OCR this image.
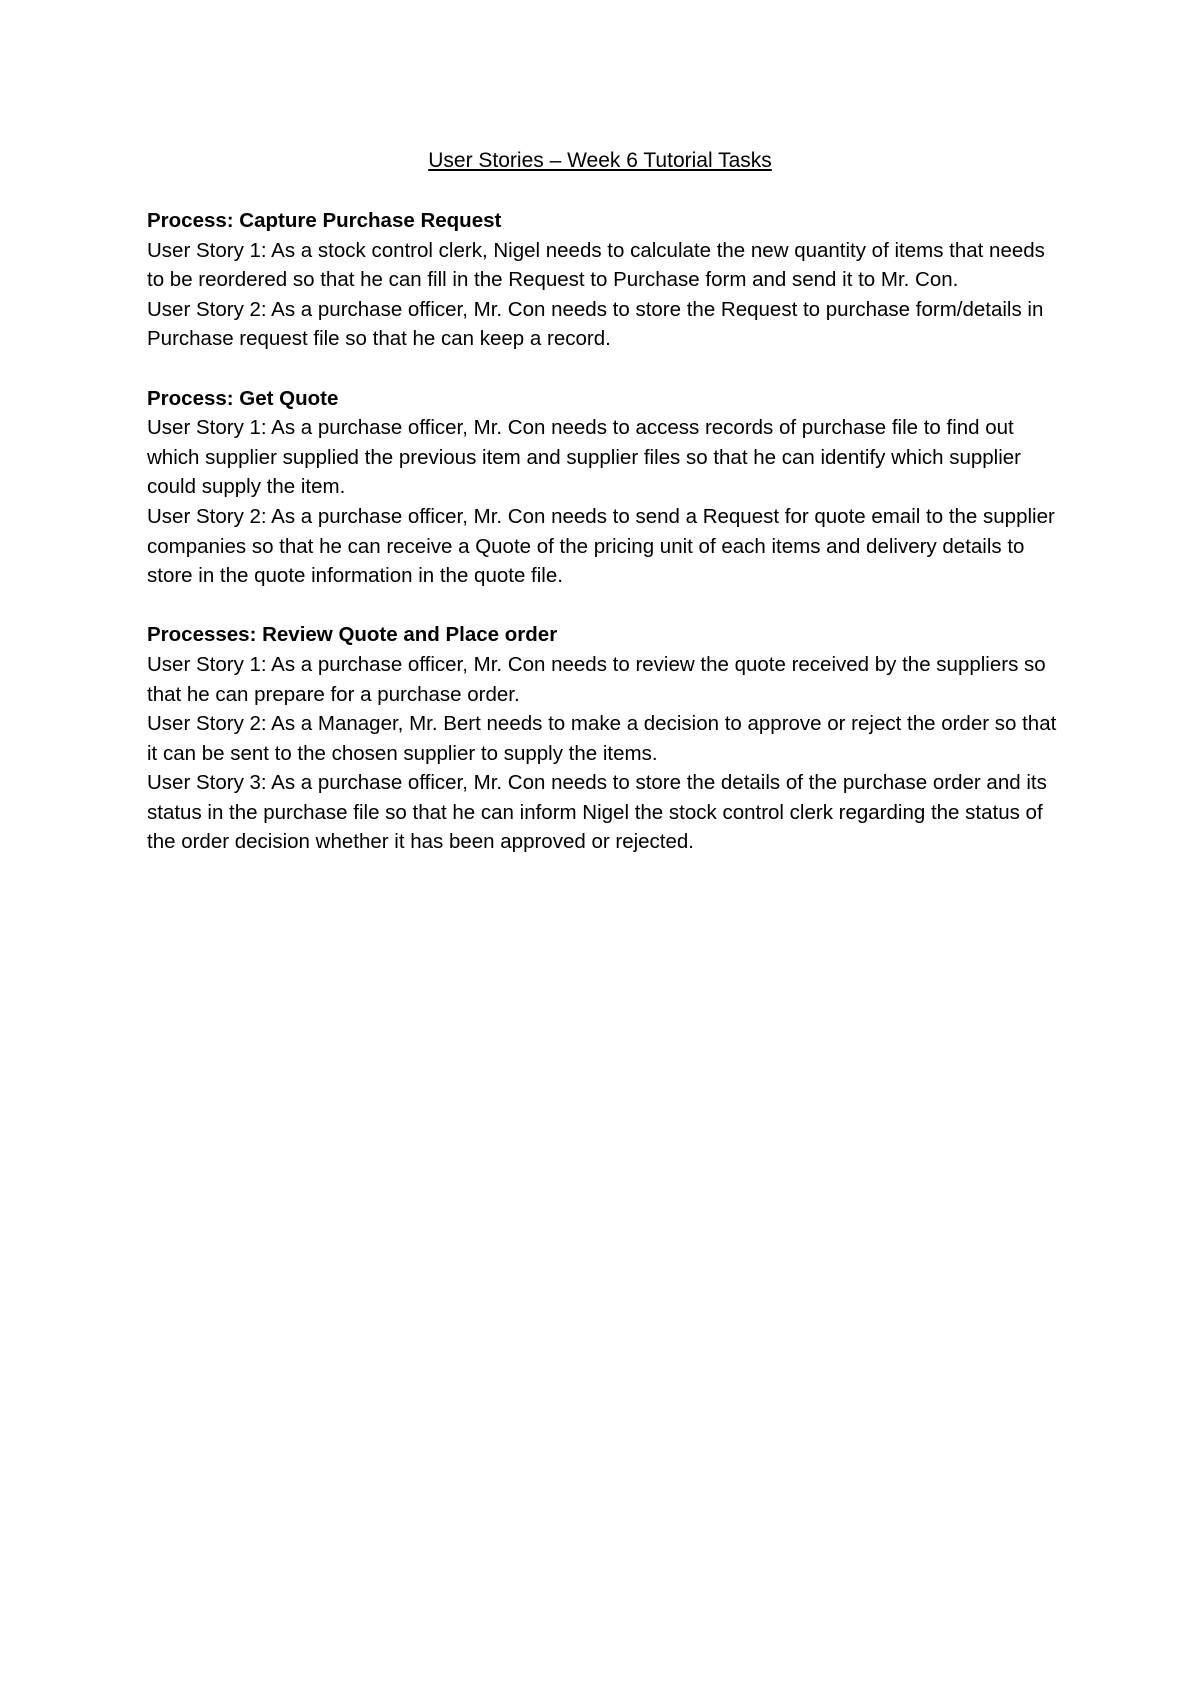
User Stories – Week 6 Tutorial Tasks

Process: Capture Purchase Request

User Story 1: As a stock control clerk, Nigel needs to calculate the new quantity of items that needs to be reordered so that he can fill in the Request to Purchase form and send it to Mr. Con.

User Story 2: As a purchase officer, Mr. Con needs to store the Request to purchase form/details in Purchase request file so that he can keep a record.

Process: Get Quote

User Story 1: As a purchase officer, Mr. Con needs to access records of purchase file to find out which supplier supplied the previous item and supplier files so that he can identify which supplier could supply the item.

User Story 2: As a purchase officer, Mr. Con needs to send a Request for quote email to the supplier companies so that he can receive a Quote of the pricing unit of each items and delivery details to store in the quote information in the quote file.

Processes: Review Quote and Place order

User Story 1: As a purchase officer, Mr. Con needs to review the quote received by the suppliers so that he can prepare for a purchase order.

User Story 2: As a Manager, Mr. Bert needs to make a decision to approve or reject the order so that it can be sent to the chosen supplier to supply the items.

User Story 3: As a purchase officer, Mr. Con needs to store the details of the purchase order and its status in the purchase file so that he can inform Nigel the stock control clerk regarding the status of the order decision whether it has been approved or rejected.
